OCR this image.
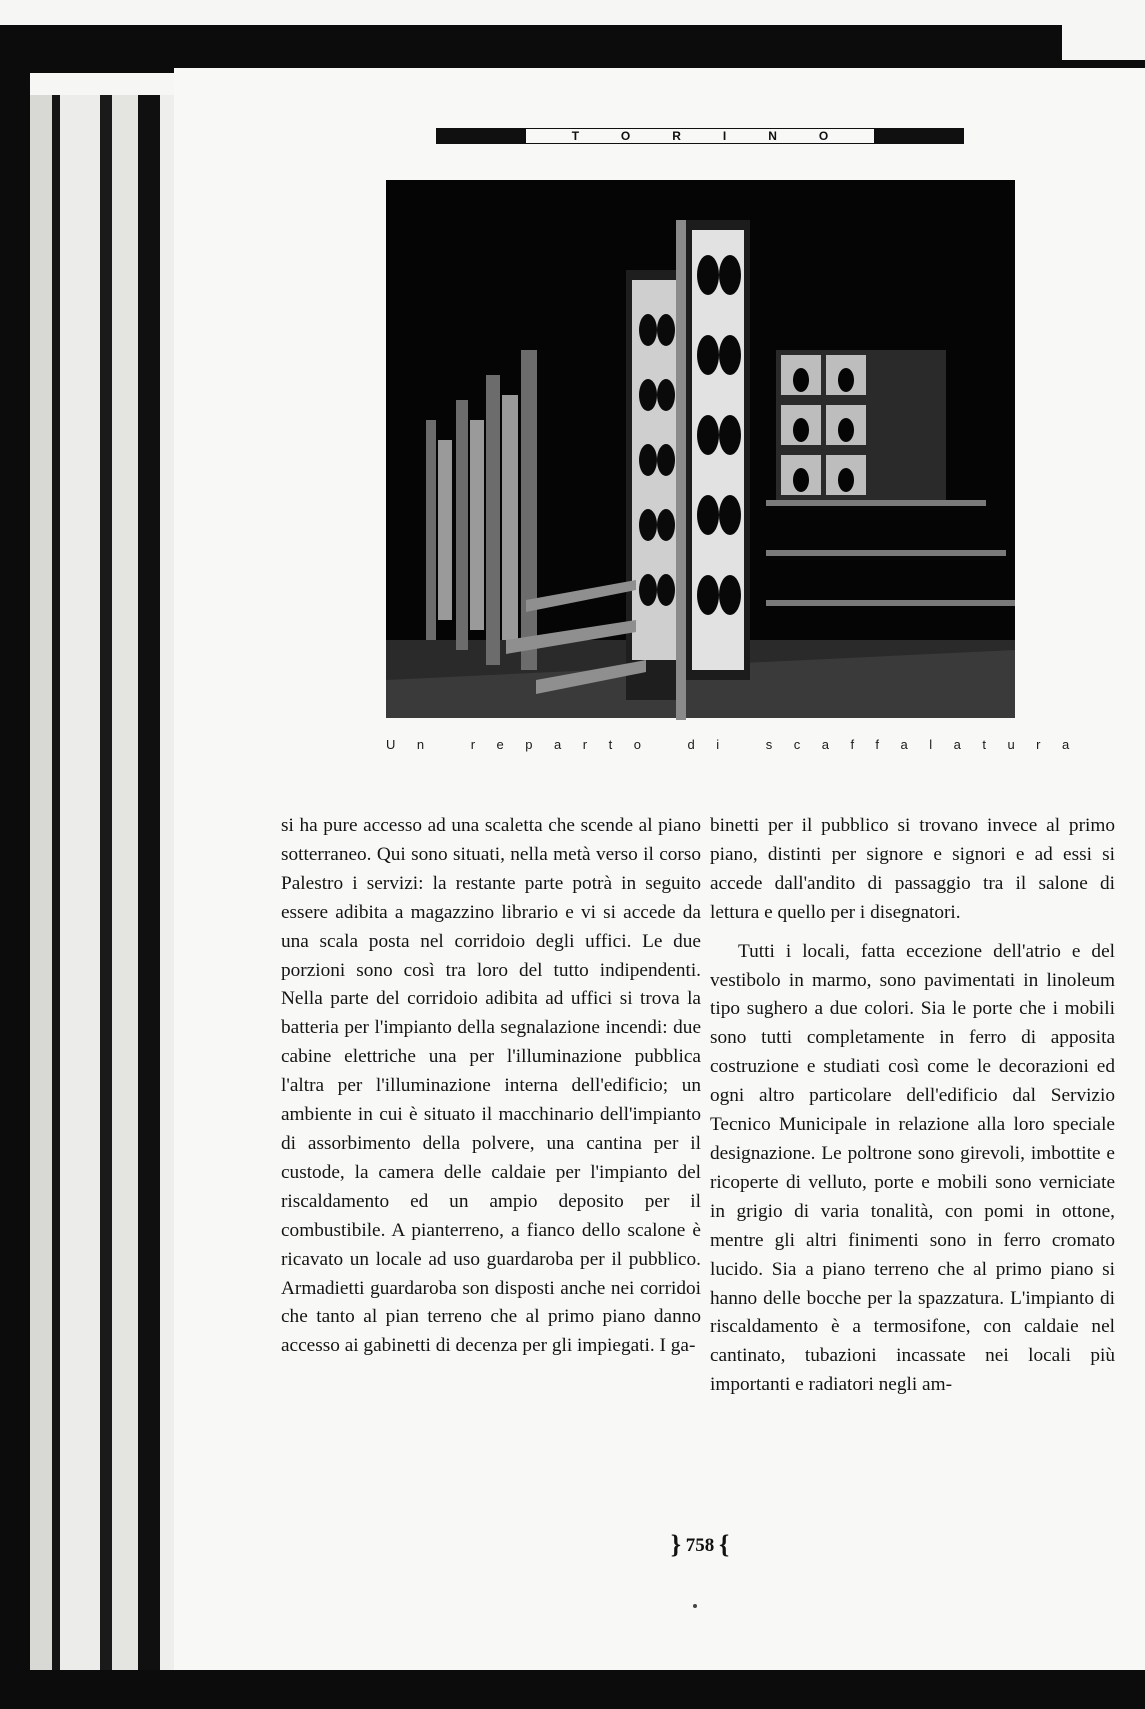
TORINO
Un reparto di scaffalatura

si ha pure accesso ad una scaletta che scende al piano sotterraneo. Qui sono situati, nella metà verso il corso Palestro i servizi: la restante parte potrà in seguito essere adibita a magazzino librario e vi si accede da una scala posta nel corridoio degli uffici. Le due porzioni sono così tra loro del tutto indipendenti. Nella parte del corridoio adibita ad uffici si trova la batteria per l'impianto della segnalazione incendi: due cabine elettriche una per l'illuminazione pubblica l'altra per l'illuminazione interna dell'edificio; un ambiente in cui è situato il macchinario dell'impianto di assorbimento della polvere, una cantina per il custode, la camera delle caldaie per l'impianto del riscaldamento ed un ampio deposito per il combustibile. A pianterreno, a fianco dello scalone è ricavato un locale ad uso guardaroba per il pubblico. Armadietti guardaroba son disposti anche nei corridoi che tanto al pian terreno che al primo piano danno accesso ai gabinetti di decenza per gli impiegati. I ga-

binetti per il pubblico si trovano invece al primo piano, distinti per signore e signori e ad essi si accede dall'andito di passaggio tra il salone di lettura e quello per i disegnatori.

Tutti i locali, fatta eccezione dell'atrio e del vestibolo in marmo, sono pavimentati in linoleum tipo sughero a due colori. Sia le porte che i mobili sono tutti completamente in ferro di apposita costruzione e studiati così come le decorazioni ed ogni altro particolare dell'edificio dal Servizio Tecnico Municipale in relazione alla loro speciale designazione. Le poltrone sono girevoli, imbottite e ricoperte di velluto, porte e mobili sono verniciate in grigio di varia tonalità, con pomi in ottone, mentre gli altri finimenti sono in ferro cromato lucido. Sia a piano terreno che al primo piano si hanno delle bocche per la spazzatura. L'impianto di riscaldamento è a termosifone, con caldaie nel cantinato, tubazioni incassate nei locali più importanti e radiatori negli am-

} 758 {
